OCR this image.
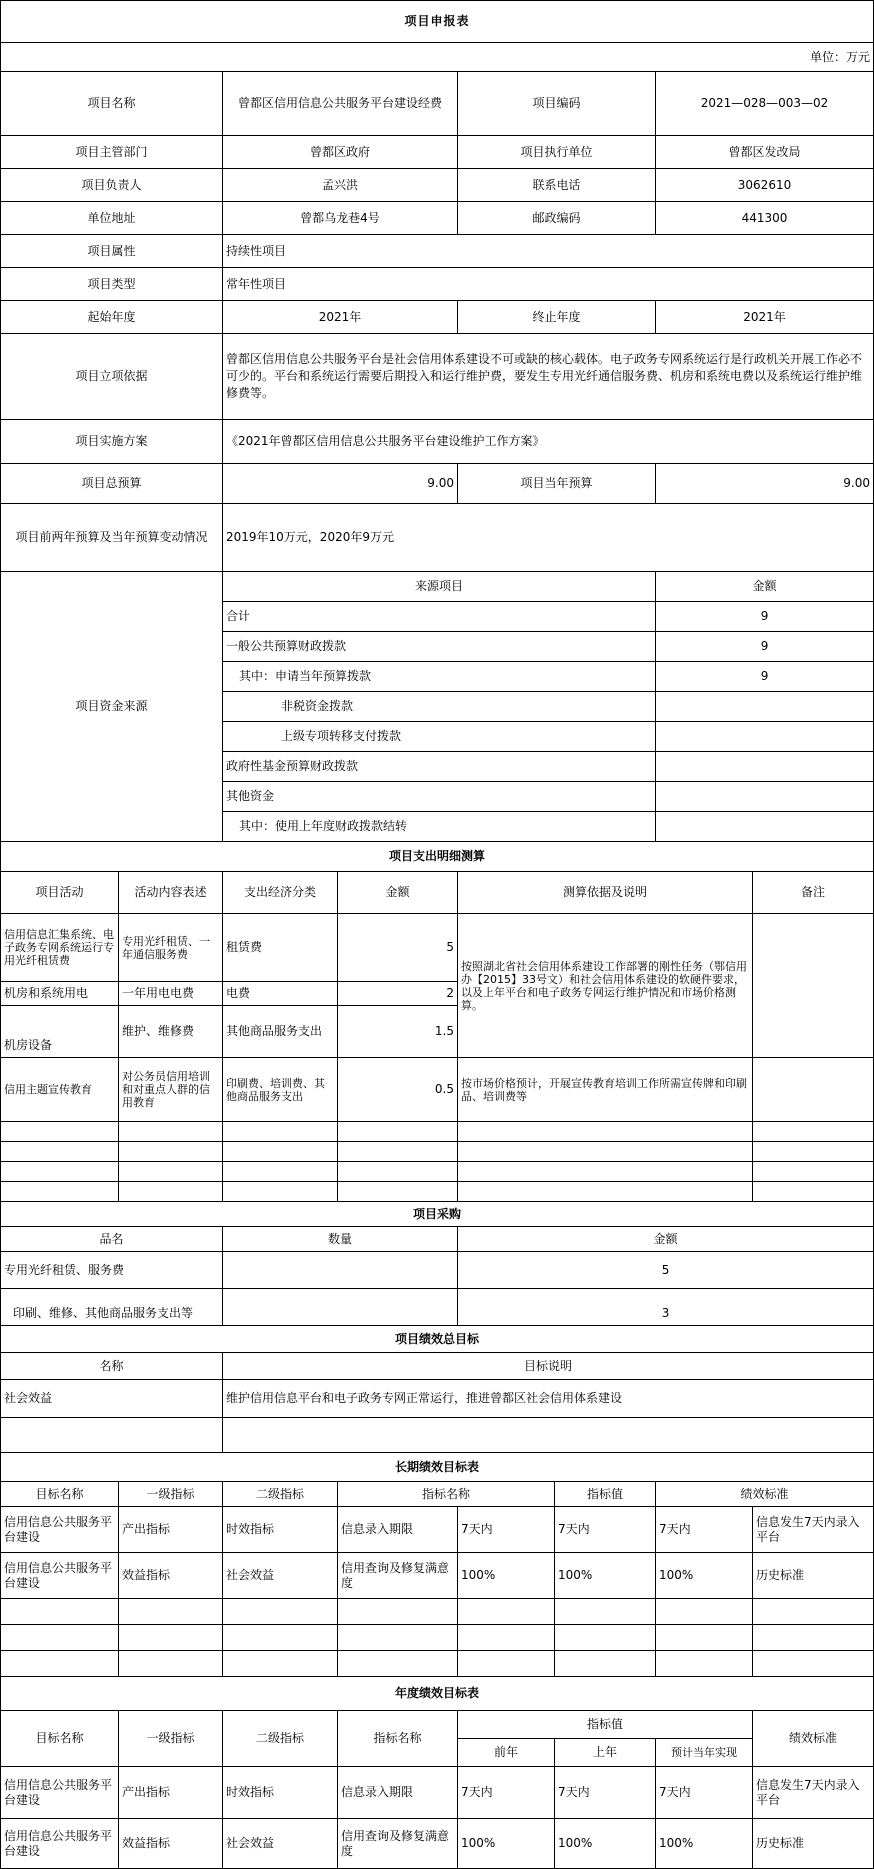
项目申报表							
单位：万元							
项目名称		曾都区信用信息公共服务平台建设经费		项目编码		2021—028—003—02	
项目主管部门		曾都区政府		项目执行单位		曾都区发改局	
项目负责人		孟兴洪		联系电话		3062610	
单位地址		曾都乌龙巷4号		邮政编码		441300	
项目属性		持续性项目					
项目类型		常年性项目					
起始年度		2021年		终止年度		2021年	
项目立项依据		曾都区信用信息公共服务平台是社会信用体系建设不可或缺的核心载体。电子政务专网系统运行是行政机关开展工作必不可少的。平台和系统运行需要后期投入和运行维护费，要发生专用光纤通信服务费、机房和系统电费以及系统运行维护维修费等。					
项目实施方案		《2021年曾都区信用信息公共服务平台建设维护工作方案》					
项目总预算		9.00		项目当年预算		9.00	
项目前两年预算及当年预算变动情况		2019年10万元，2020年9万元					
项目资金来源		来源项目				金额	
		合计				9	
		一般公共预算财政拨款				9	
		其中：申请当年预算拨款				9	
		非税资金拨款					
		上级专项转移支付拨款					
		政府性基金预算财政拨款					
		其他资金					
		其中：使用上年度财政拨款结转					
项目支出明细测算							
项目活动	活动内容表述	支出经济分类	金额	测算依据及说明			备注
信用信息汇集系统、电子政务专网系统运行专用光纤租赁费	专用光纤租赁、一年通信服务费	租赁费	5	按照湖北省社会信用体系建设工作部署的刚性任务（鄂信用办【2015】33号文）和社会信用体系建设的软硬件要求，以及上年平台和电子政务专网运行维护情况和市场价格测算。			
机房和系统用电	一年用电电费	电费	2				
机房设备	维护、维修费	其他商品服务支出	1.5				
信用主题宣传教育	对公务员信用培训和对重点人群的信用教育	印刷费、培训费、其他商品服务支出	0.5	按市场价格预计，开展宣传教育培训工作所需宣传牌和印刷品、培训费等			

项目采购							
品名		数量		金额			
专用光纤租赁、服务费				5			
印刷、维修、其他商品服务支出等				3			
项目绩效总目标							
名称		目标说明					
社会效益		维护信用信息平台和电子政务专网正常运行，推进曾都区社会信用体系建设					

长期绩效目标表							
目标名称	一级指标	二级指标	指标名称		指标值	绩效标准	
信用信息公共服务平台建设	产出指标	时效指标	信息录入期限	7天内	7天内	7天内	信息发生7天内录入平台
信用信息公共服务平台建设	效益指标	社会效益	信用查询及修复满意度	100%	100%	100%	历史标准

年度绩效目标表							
目标名称	一级指标	二级指标	指标名称	指标值			绩效标准
				前年	上年	预计当年实现	
信用信息公共服务平台建设	产出指标	时效指标	信息录入期限	7天内	7天内	7天内	信息发生7天内录入平台
信用信息公共服务平台建设	效益指标	社会效益	信用查询及修复满意度	100%	100%	100%	历史标准
